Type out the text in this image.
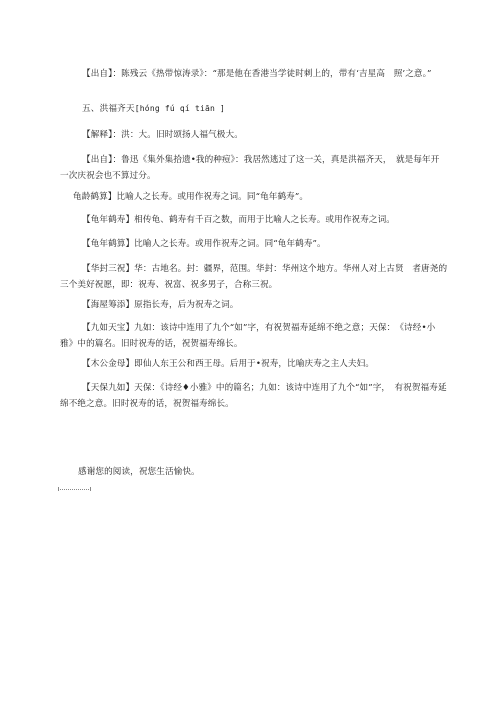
【出自】：陈残云《热带惊涛录》：“那是他在香港当学徒时刺上的，带有‘吉星高　照’之意。”

五、洪福齐天[hóng fú qí tiān ]

【解释】：洪：大。旧时颂扬人福气极大。

【出自】：鲁迅《集外集拾遗•我的种痘》：我居然逃过了这一关，真是洪福齐天，　就是每年开一次庆祝会也不算过分。

龟龄鹤算】比喻人之长寿。或用作祝寿之词。同“龟年鹤寿”。

【龟年鹤寿】相传龟、鹤寿有千百之数，而用于比喻人之长寿。或用作祝寿之词。

【龟年鹤算】比喻人之长寿。或用作祝寿之词。同“龟年鹤寿”。

【华封三祝】华：古地名。封：疆界，范围。华封：华州这个地方。华州人对上古贤　者唐尧的三个美好祝愿，即：祝寿、祝富、祝多男子，合称三祝。

【海屋筹添】原指长寿，后为祝寿之词。

【九如天宝】九如：该诗中连用了九个“如”字，有祝贺福寿延绵不绝之意；天保：　《诗经•小雅》中的篇名。旧时祝寿的话，祝贺福寿绵长。

【木公金母】即仙人东王公和西王母。后用于•祝寿，比喻庆寿之主人夫妇。

【天保九如】天保：《诗经♦小雅》中的篇名；九如：该诗中连用了九个“如”字，　有祝贺福寿延绵不绝之意。旧时祝寿的话，祝贺福寿绵长。

感谢您的阅读，祝您生活愉快。
